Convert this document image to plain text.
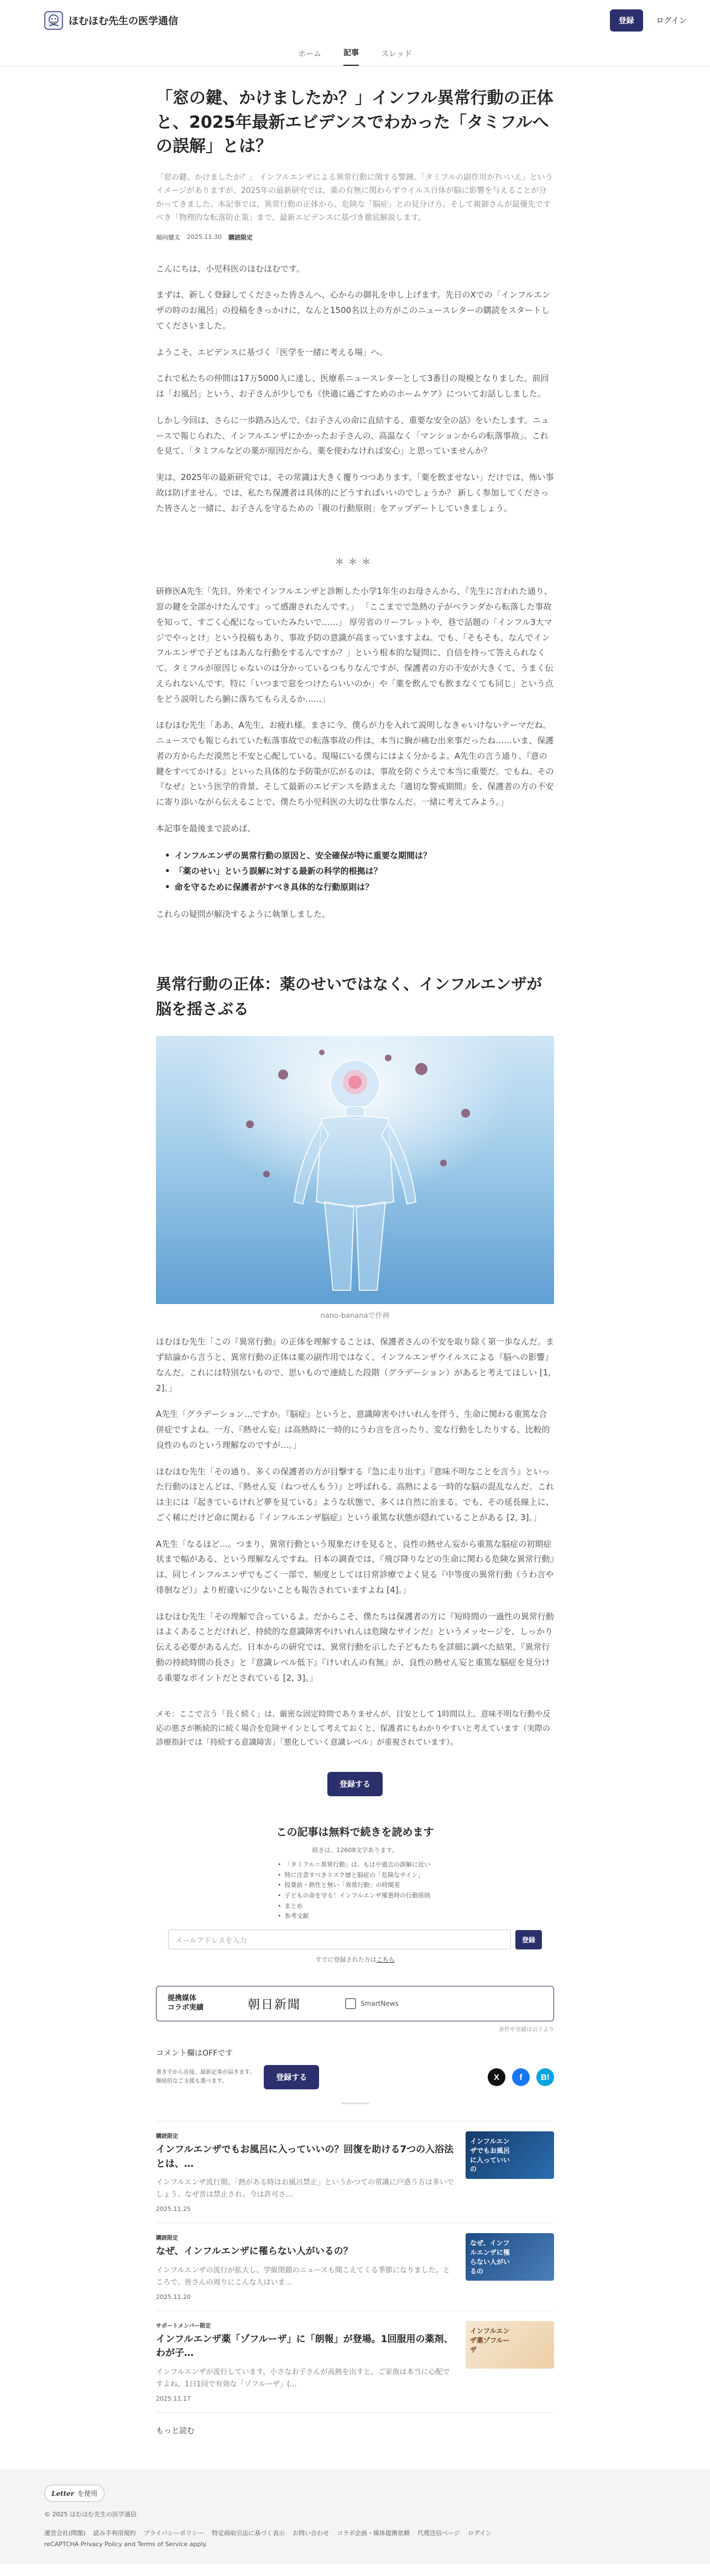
ほむほむ先生の医学通信	登録	ログイン
ホーム	記事	スレッド
「窓の鍵、かけましたか？」インフル異常行動の正体と、2025年最新エビデンスでわかった「タミフルへの誤解」とは？

「窓の鍵、かけましたか？」 インフルエンザによる異常行動に関する警鐘。「タミフルの副作用か?いいえ」というイメージがありますが、2025年の最新研究では、薬の有無に関わらずウイルス自体が脳に影響を与えることが分かってきました。本記事では、異常行動の正体から、危険な「脳症」との見分け方、そして親御さんが最優先ですべき「物理的な転落防止策」まで、最新エビデンスに基づき徹底解説します。

堀向健太 2025.11.30 購読限定

こんにちは、小児科医のほむほむです。

まずは、新しく登録してくださった皆さんへ、心からの御礼を申し上げます。先日のXでの「インフルエンザの時のお風呂」の投稿をきっかけに、なんと1500名以上の方がこのニュースレターの購読をスタートしてくださいました。

ようこそ、エビデンスに基づく「医学を一緒に考える場」へ。

これで私たちの仲間は17万5000人に達し、医療系ニュースレターとして3番目の規模となりました。前回は「お風呂」という、お子さんが少しでも《快適に過ごすためのホームケア》についてお話ししました。

しかし今回は、さらに一歩踏み込んで、《お子さんの命に直結する、重要な安全の話》をいたします。ニュースで報じられた、インフルエンザにかかったお子さんの、高温なく「マンションからの転落事故」。これを見て、「タミフルなどの薬が原因だから、薬を使わなければ安心」と思っていませんか？

実は、2025年の最新研究では、その常識は大きく覆りつつあります。「薬を飲ませない」だけでは、怖い事故は防げません。では、私たち保護者は具体的にどうすればいいのでしょうか？ 新しく参加してくださった皆さんと一緒に、お子さんを守るための「親の行動原則」をアップデートしていきましょう。

＊＊＊

研修医A先生「先日、外来でインフルエンザと診断した小学1年生のお母さんから、『先生に言われた通り、窓の鍵を全部かけたんです』って感謝されたんです。」 「ここまでで急熱の子がベランダから転落した事故を知って、すごく心配になっていたみたいで……」 厚労省のリーフレットや、巷で話題の「インフル3大マジでやっとけ」という投稿もあり、事故予防の意識が高まっていますよね。でも、「そもそも、なんでインフルエンザで子どもはあんな行動をするんですか？」という根本的な疑問に、自信を持って答えられなくて。タミフルが原因じゃないのは分かっているつもりなんですが、保護者の方の不安が大きくて、うまく伝えられないんです。特に「いつまで窓をつけたらいいのか」や「薬を飲んでも飲まなくても同じ」という点をどう説明したら腑に落ちてもらえるか……」

ほむほむ先生「ああ、A先生、お疲れ様。まさに今、僕らが力を入れて説明しなきゃいけないテーマだね。ニュースでも報じられていた転落事故での転落事故の件は、本当に胸が痛む出来事だったね……いま、保護者の方からただ漠然と不安と心配している。現場にいる僕らにはよく分かるよ。A先生の言う通り、『意の鍵をすべてかける』といった具体的な予防策が広がるのは、事故を防ぐうえで本当に重要だ。でもね、その『なぜ』という医学的背景、そして最新のエビデンスを踏まえた『適切な警戒期間』を、保護者の方の不安に寄り添いながら伝えることで、僕たち小児科医の大切な仕事なんだ。一緒に考えてみよう。」

本記事を最後まで読めば、

• インフルエンザの異常行動の原因と、安全確保が特に重要な期間は？
• 「薬のせい」という誤解に対する最新の科学的根拠は？
• 命を守るために保護者がすべき具体的な行動原則は？

これらの疑問が解決するように執筆しました。

異常行動の正体：薬のせいではなく、インフルエンザが脳を揺さぶる

nano-bananaで作画

ほむほむ先生「この『異常行動』の正体を理解することは、保護者さんの不安を取り除く第一歩なんだ。まず結論から言うと、異常行動の正体は薬の副作用ではなく、インフルエンザウイルスによる『脳への影響』なんだ。これには特別ないもので、思いもので連続した段階（グラデーション）があると考えてほしい [1, 2]。」

A先生「グラデーション…ですか。『脳症』というと、意識障害やけいれんを伴う、生命に関わる重篤な合併症ですよね。一方、『熱せん妄』は高熱時に一時的にうわ言を言ったり、変な行動をしたりする、比較的良性のものという理解なのですが…。」

ほむほむ先生「その通り。多くの保護者の方が目撃する『急に走り出す』『意味不明なことを言う』といった行動のほとんどは、『熱せん妄（ねつせんもう）』と呼ばれる、高熱による一時的な脳の混乱なんだ。これは主には『起きているけれど夢を見ている』ような状態で、多くは自然に治まる。でも、その延長線上に、ごく稀にだけど命に関わる『インフルエンザ脳症』という重篤な状態が隠れていることがある [2, 3]。」

A先生「なるほど…。つまり、異常行動という現象だけを見ると、良性の熱せん妄から重篤な脳症の初期症状まで幅がある、という理解なんですね。日本の調査では、『飛び降りなどの生命に関わる危険な異常行動』は、同じインフルエンザでもごく一部で、頻度としては日常診療でよく見る『中等度の異常行動（うわ言や徘徊など）』より桁違いに少ないことも報告されていますよね [4]。」

ほむほむ先生「その理解で合っているよ。だからこそ、僕たちは保護者の方に『短時間の一過性の異常行動はよくあることだけれど、持続的な意識障害やけいれんは危険なサインだ』というメッセージを、しっかり伝える必要があるんだ。日本からの研究では、異常行動を示した子どもたちを詳細に調べた結果、『異常行動の持続時間の長さ』と『意識レベル低下』『けいれんの有無』が、良性の熱せん妄と重篤な脳症を見分ける重要なポイントだとされている [2, 3]。」

メモ：ここで言う「長く続く」は、厳密な固定時間でありませんが、目安として 1時間以上、意味不明な行動や反応の悪さが断続的に続く場合を危険サインとして考えておくと、保護者にもわかりやすいと考えています（実際の診療指針では「持続する意識障害」「悪化していく意識レベル」が重視されています）。

登録する
この記事は無料で続きを読めます

続きは、12608文字あります。

• 「タミフル＝異常行動」は、もはや過去の誤解に近い
• 特に注意すべきリスク層と脳症の「危険なサイン」
• 投薬前・熱性と無い「異常行動」の時間差
• 子どもの命を守る！インフルエンザ罹患時の行動原則
• まとめ
• 参考文献
メールアドレスを入力	登録

すでに登録された方はこちら

提携媒体
コラボ実績	朝日新聞	SmartNews

条件や実績は以下より

コメント欄はOFFです

書き手から直接、最新記事が届きます。
継続的なご支援も選べます。	登録する	X	f	B!
購読限定
インフルエンザでもお風呂に入っていいの？回復を助ける7つの入浴法とは、…
インフルエンザ流行期、「熱がある時はお風呂禁止」というかつての常識に戸惑う方は多いでしょう。なぜ昔は禁止され、今は許可さ…
2025.11.25
インフルエンザでもお風呂に入っていいの
購読限定
なぜ、インフルエンザに罹らない人がいるの？
インフルエンザの流行が拡大し、学級閉鎖のニュースも聞こえてくる季節になりました。ところで、皆さんの周りにこんな人はいま…
2025.11.20
なぜ、インフルエンザに罹らない人がいるの
サポートメンバー限定
インフルエンザ薬「ゾフルーザ」に「朗報」が登場。1回服用の薬剤、わが子…
インフルエンザが流行しています。小さなお子さんが高熱を出すと、ご家族は本当に心配ですよね。1日1回で有効な「ゾフルーザ」(…
2025.11.17
インフルエンザ薬ゾフルーザ

もっと読む

Letter を使用

© 2025 ほむほむ先生の医学通信

運営会社(問題) 読み手利用規約 プライバシーポリシー 特定商取引法に基づく表示 お問い合わせ コラボ企画・媒体提携依頼 代理送信ページ ログイン

reCAPTCHA Privacy Policy and Terms of Service apply.
